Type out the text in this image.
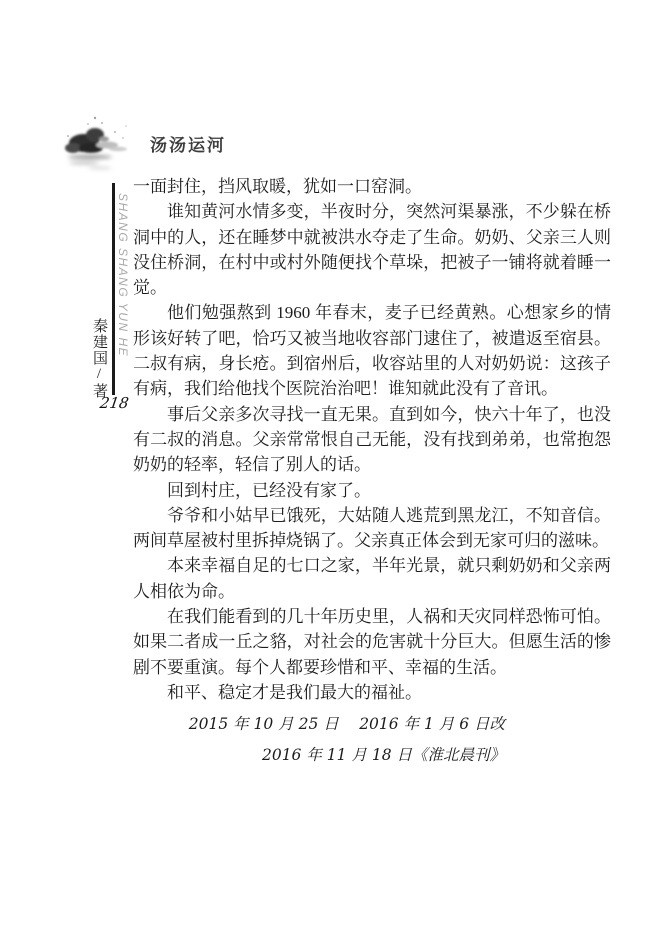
汤汤运河
SHANG SHANG YUN HE
秦建国/著
218

一面封住，挡风取暖，犹如一口窑洞。

谁知黄河水情多变，半夜时分，突然河渠暴涨，不少躲在桥洞中的人，还在睡梦中就被洪水夺走了生命。奶奶、父亲三人则没住桥洞，在村中或村外随便找个草垛，把被子一铺将就着睡一觉。

他们勉强熬到 1960 年春末，麦子已经黄熟。心想家乡的情形该好转了吧，恰巧又被当地收容部门逮住了，被遣返至宿县。二叔有病，身长疮。到宿州后，收容站里的人对奶奶说：这孩子有病，我们给他找个医院治治吧！谁知就此没有了音讯。

事后父亲多次寻找一直无果。直到如今，快六十年了，也没有二叔的消息。父亲常常恨自己无能，没有找到弟弟，也常抱怨奶奶的轻率，轻信了别人的话。

回到村庄，已经没有家了。

爷爷和小姑早已饿死，大姑随人逃荒到黑龙江，不知音信。两间草屋被村里拆掉烧锅了。父亲真正体会到无家可归的滋味。

本来幸福自足的七口之家，半年光景，就只剩奶奶和父亲两人相依为命。

在我们能看到的几十年历史里，人祸和天灾同样恐怖可怕。如果二者成一丘之貉，对社会的危害就十分巨大。但愿生活的惨剧不要重演。每个人都要珍惜和平、幸福的生活。

和平、稳定才是我们最大的福祉。

2015 年 10 月 25 日　 2016 年 1 月 6 日改
2016 年 11 月 18 日《淮北晨刊》
